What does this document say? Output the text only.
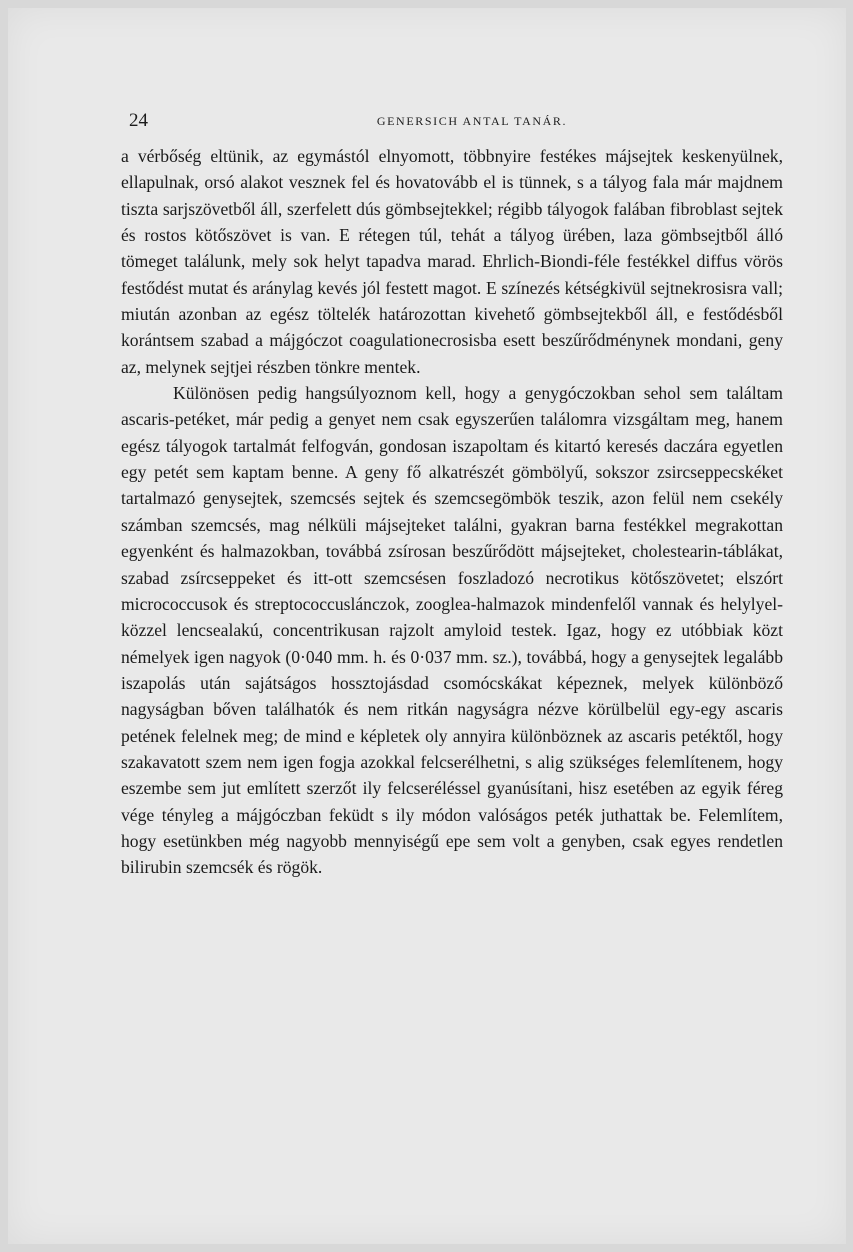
24	GENERSICH ANTAL TANÁR.

a vérbőség eltünik, az egymástól elnyomott, többnyire festékes májsejtek keskenyülnek, ellapulnak, orsó alakot vesznek fel és hovatovább el is tünnek, s a tályog fala már majdnem tiszta sarjszövetből áll, szerfelett dús gömbsejtekkel; régibb tályogok falában fibroblast sejtek és rostos kötőszövet is van. E rétegen túl, tehát a tályog ürében, laza gömbsejtből álló tömeget találunk, mely sok helyt tapadva marad. Ehrlich-Biondi-féle festékkel diffus vörös festődést mutat és aránylag kevés jól festett magot. E színezés kétségkivül sejtnekrosisra vall; miután azonban az egész töltelék határozottan kivehető gömbsejtekből áll, e festődésből korántsem szabad a májgóczot coagulationecrosisba esett beszűrődménynek mondani, geny az, melynek sejtjei részben tönkre mentek.

Különösen pedig hangsúlyoznom kell, hogy a genygóczokban sehol sem találtam ascaris-petéket, már pedig a genyet nem csak egyszerűen találomra vizsgáltam meg, hanem egész tályogok tartalmát felfogván, gondosan iszapoltam és kitartó keresés daczára egyetlen egy petét sem kaptam benne. A geny fő alkatrészét gömbölyű, sokszor zsircseppecskéket tartalmazó genysejtek, szemcsés sejtek és szemcsegömbök teszik, azon felül nem csekély számban szemcsés, mag nélküli májsejteket találni, gyakran barna festékkel megrakottan egyenként és halmazokban, továbbá zsírosan beszűrődött májsejteket, cholestearin-táblákat, szabad zsírcseppeket és itt-ott szemcsésen foszladozó necrotikus kötőszövetet; elszórt micrococcusok és streptococcuslánczok, zooglea-halmazok mindenfelől vannak és helylyel-közzel lencsealakú, concentrikusan rajzolt amyloid testek. Igaz, hogy ez utóbbiak közt némelyek igen nagyok (0·040 mm. h. és 0·037 mm. sz.), továbbá, hogy a genysejtek legalább iszapolás után sajátságos hossztojásdad csomócskákat képeznek, melyek különböző nagyságban bőven találhatók és nem ritkán nagyságra nézve körülbelül egy-egy ascaris petének felelnek meg; de mind e képletek oly annyira különböznek az ascaris petéktől, hogy szakavatott szem nem igen fogja azokkal felcserélhetni, s alig szükséges felemlítenem, hogy eszembe sem jut említett szerzőt ily felcseréléssel gyanúsítani, hisz esetében az egyik féreg vége tényleg a májgóczban feküdt s ily módon valóságos peték juthattak be. Felemlítem, hogy esetünkben még nagyobb mennyiségű epe sem volt a genyben, csak egyes rendetlen bilirubin szemcsék és rögök.
